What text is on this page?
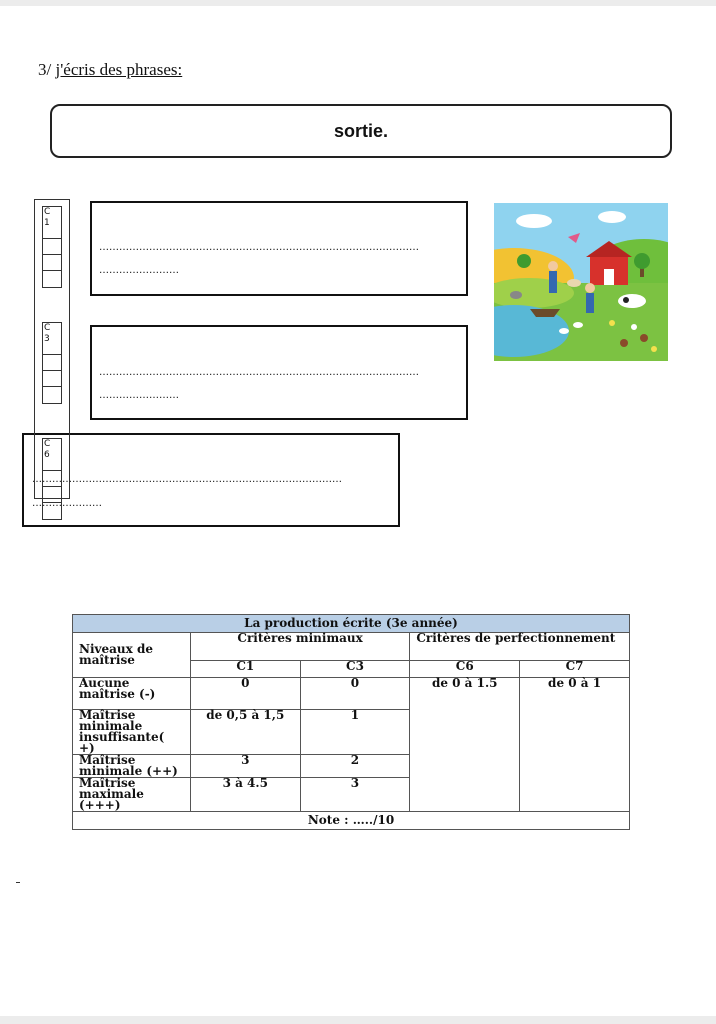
3/ j'écris des phrases:
sortie.
……………………………………………………………………………………
……………………
……………………………………………………………………………………
……………………
…………………………………………………………………………………
…………………
C
1
C
3
C
6
La production écrite (3e année)				
Niveaux de maîtrise	Critères minimaux		Critères de perfectionnement	
	C1	C3	C6	C7
Aucune maîtrise (-)	0	0	de 0 à 1.5	de 0 à 1
Maîtrise minimale insuffisante( +)	de 0,5 à 1,5	1		
Maîtrise minimale (++)	3	2		
Maîtrise maximale (+++)	3 à 4.5	3		
Note : …../10				
